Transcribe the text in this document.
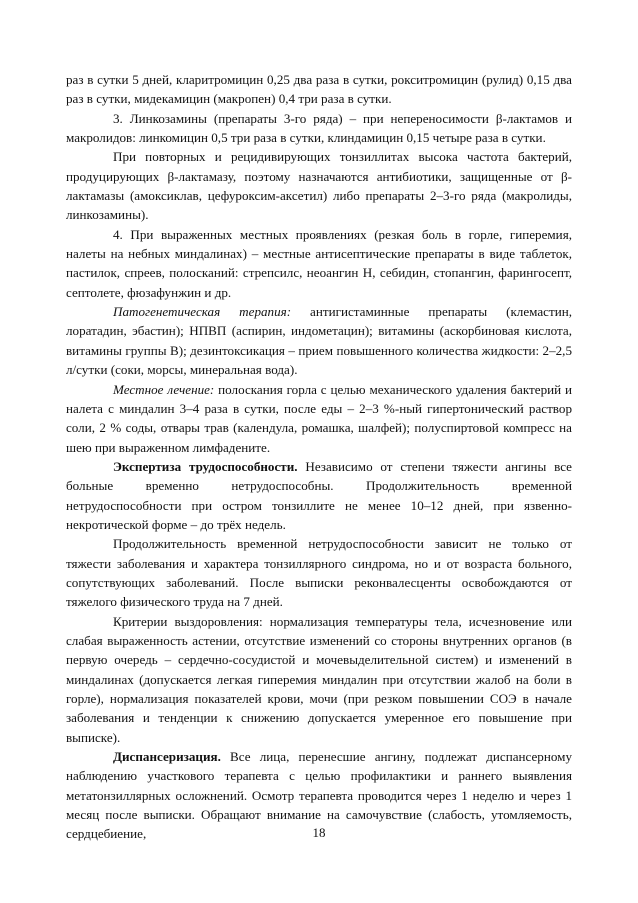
раз в сутки 5 дней, кларитромицин 0,25 два раза в сутки, рокситромицин (рулид) 0,15 два раз в сутки, мидекамицин (макропен) 0,4 три раза в сутки.

3. Линкозамины (препараты 3-го ряда) – при непереносимости β-лактамов и макролидов: линкомицин 0,5 три раза в сутки, клиндамицин 0,15 четыре раза в сутки.

При повторных и рецидивирующих тонзиллитах высока частота бактерий, продуцирующих β-лактамазу, поэтому назначаются антибиотики, защищенные от β-лактамазы (амоксиклав, цефуроксим-аксетил) либо препараты 2–3-го ряда (макролиды, линкозамины).

4. При выраженных местных проявлениях (резкая боль в горле, гиперемия, налеты на небных миндалинах) – местные антисептические препараты в виде таблеток, пастилок, спреев, полосканий: стрепсилс, неоангин Н, себидин, стопангин, фарингосепт, септолете, фюзафунжин и др.

Патогенетическая терапия: антигистаминные препараты (клемастин, лоратадин, эбастин); НПВП (аспирин, индометацин); витамины (аскорбиновая кислота, витамины группы В); дезинтоксикация – прием повышенного количества жидкости: 2–2,5 л/сутки (соки, морсы, минеральная вода).

Местное лечение: полоскания горла с целью механического удаления бактерий и налета с миндалин 3–4 раза в сутки, после еды – 2–3 %-ный гипертонический раствор соли, 2 % соды, отвары трав (календула, ромашка, шалфей); полуспиртовой компресс на шею при выраженном лимфадените.

Экспертиза трудоспособности. Независимо от степени тяжести ангины все больные временно нетрудоспособны. Продолжительность временной нетрудоспособности при остром тонзиллите не менее 10–12 дней, при язвенно-некротической форме – до трёх недель.

Продолжительность временной нетрудоспособности зависит не только от тяжести заболевания и характера тонзиллярного синдрома, но и от возраста больного, сопутствующих заболеваний. После выписки реконвалесценты освобождаются от тяжелого физического труда на 7 дней.

Критерии выздоровления: нормализация температуры тела, исчезновение или слабая выраженность астении, отсутствие изменений со стороны внутренних органов (в первую очередь – сердечно-сосудистой и мочевыделительной систем) и изменений в миндалинах (допускается легкая гиперемия миндалин при отсутствии жалоб на боли в горле), нормализация показателей крови, мочи (при резком повышении СОЭ в начале заболевания и тенденции к снижению допускается умеренное его повышение при выписке).

Диспансеризация. Все лица, перенесшие ангину, подлежат диспансерному наблюдению участкового терапевта с целью профилактики и раннего выявления метатонзиллярных осложнений. Осмотр терапевта проводится через 1 неделю и через 1 месяц после выписки. Обращают внимание на самочувствие (слабость, утомляемость, сердцебиение,	18
